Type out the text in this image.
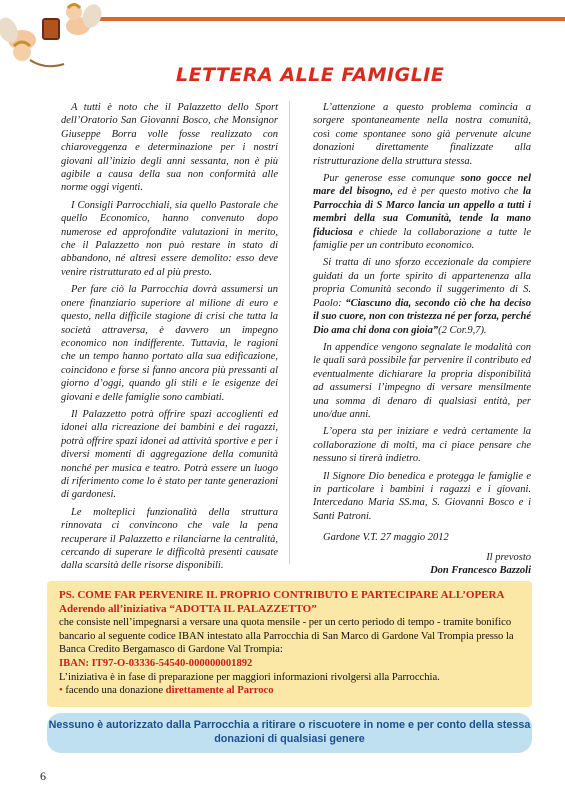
LETTERA ALLE FAMIGLIE

A tutti è noto che il Palazzetto dello Sport dell’Oratorio San Giovanni Bosco, che Monsignor Giuseppe Borra volle fosse realizzato con chiaroveggenza e determinazione per i nostri giovani all’inizio degli anni sessanta, non è più agibile a causa della sua non conformità alle norme oggi vigenti.

I Consigli Parrocchiali, sia quello Pastorale che quello Economico, hanno convenuto dopo numerose ed approfondite valutazioni in merito, che il Palazzetto non può restare in stato di abbandono, né altresì essere demolito: esso deve venire ristrutturato ed al più presto.

Per fare ciò la Parrocchia dovrà assumersi un onere finanziario superiore al milione di euro e questo, nella difficile stagione di crisi che tutta la società attraversa, è davvero un impegno economico non indifferente. Tuttavia, le ragioni che un tempo hanno portato alla sua edificazione, coincidono e forse si fanno ancora più pressanti al giorno d’oggi, quando gli stili e le esigenze dei giovani e delle famiglie sono cambiati.

Il Palazzetto potrà offrire spazi accoglienti ed idonei alla ricreazione dei bambini e dei ragazzi, potrà offrire spazi idonei ad attività sportive e per i diversi momenti di aggregazione della comunità nonché per musica e teatro. Potrà essere un luogo di riferimento come lo è stato per tante generazioni di gardonesi.

Le molteplici funzionalità della struttura rinnovata ci convincono che vale la pena recuperare il Palazzetto e rilanciarne la centralità, cercando di superare le difficoltà presenti causate dalla scarsità delle risorse disponibili.

L’attenzione a questo problema comincia a sorgere spontaneamente nella nostra comunità, così come spontanee sono già pervenute alcune donazioni direttamente finalizzate alla ristrutturazione della struttura stessa.

Pur generose esse comunque sono gocce nel mare del bisogno, ed è per questo motivo che la Parrocchia di S Marco lancia un appello a tutti i membri della sua Comunità, tende la mano fiduciosa e chiede la collaborazione a tutte le famiglie per un contributo economico.

Si tratta di uno sforzo eccezionale da compiere guidati da un forte spirito di appartenenza alla propria Comunità secondo il suggerimento di S. Paolo: “Ciascuno dia, secondo ciò che ha deciso il suo cuore, non con tristezza né per forza, perché Dio ama chi dona con gioia”(2 Cor.9,7).

In appendice vengono segnalate le modalità con le quali sarà possibile far pervenire il contributo ed eventualmente dichiarare la propria disponibilità ad assumersi l’impegno di versare mensilmente una somma di denaro di qualsiasi entità, per uno/due anni.

L’opera sta per iniziare e vedrà certamente la collaborazione di molti, ma ci piace pensare che nessuno si tirerà indietro.

Il Signore Dio benedica e protegga le famiglie e in particolare i bambini i ragazzi e i giovani. Intercedano Maria SS.ma, S. Giovanni Bosco e i Santi Patroni.

Gardone V.T. 27 maggio 2012

Il prevosto

Don Francesco Bazzoli

PS. COME FAR PERVENIRE IL PROPRIO CONTRIBUTO E PARTECIPARE ALL’OPERA
Aderendo all’iniziativa “ADOTTA IL PALAZZETTO”
che consiste nell’impegnarsi a versare una quota mensile - per un certo periodo di tempo - tramite bonifico bancario al seguente codice IBAN intestato alla Parrocchia di San Marco di Gardone Val Trompia presso la Banca Credito Bergamasco di Gardone Val Trompia:
IBAN: IT97-O-03336-54540-000000001892
L’iniziativa è in fase di preparazione per maggiori informazioni rivolgersi alla Parrocchia.
• facendo una donazione direttamente al Parroco
Nessuno è autorizzato dalla Parrocchia a ritirare o riscuotere in nome e per conto della stessa donazioni di qualsiasi genere
6
